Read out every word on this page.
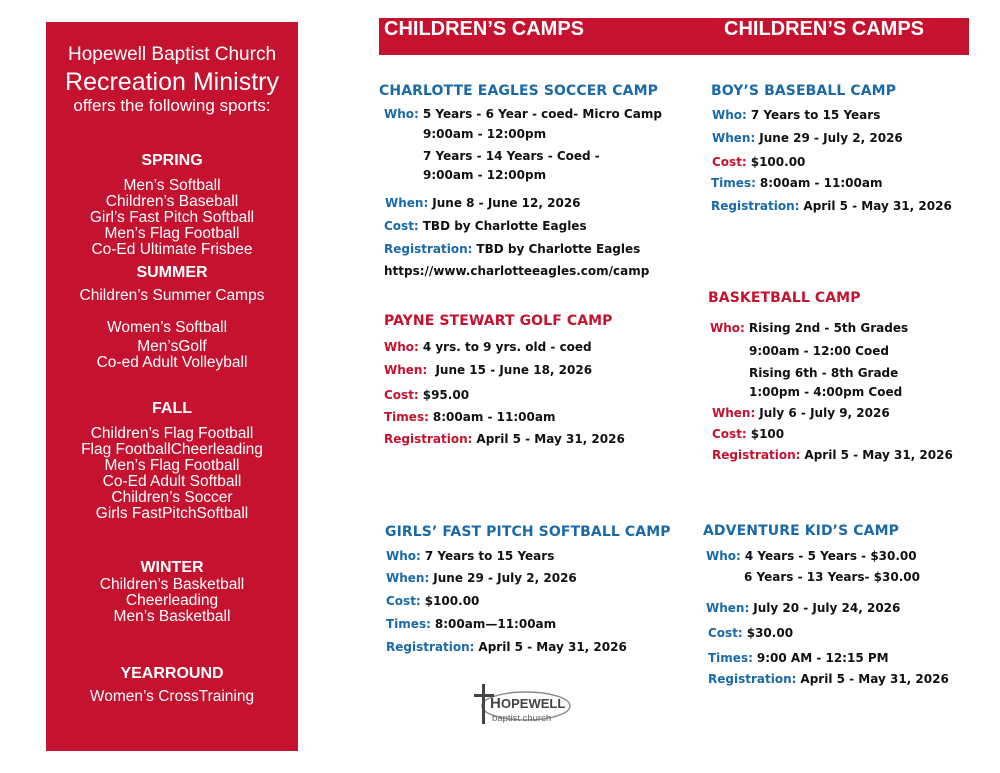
Hopewell Baptist Church
Recreation Ministry
offers the following sports:
SPRING
Men’s Softball
Children’s Baseball
Girl’s Fast Pitch Softball
Men’s Flag Football
Co-Ed Ultimate Frisbee
SUMMER
Children’s Summer Camps
Women’s Softball
Men’sGolf
Co-ed Adult Volleyball
FALL
Children’s Flag Football
Flag FootballCheerleading
Men’s Flag Football
Co-Ed Adult Softball
Children’s Soccer
Girls FastPitchSoftball
WINTER
Children’s Basketball
Cheerleading
Men’s Basketball
YEARROUND
Women’s CrossTraining
CHILDREN’S CAMPS	CHILDREN’S CAMPS
CHARLOTTE EAGLES SOCCER CAMP
Who: 5 Years - 6 Year - coed- Micro Camp
9:00am - 12:00pm
7 Years - 14 Years - Coed -
9:00am - 12:00pm
When: June 8 - June 12, 2026
Cost: TBD by Charlotte Eagles
Registration: TBD by Charlotte Eagles
https://www.charlotteeagles.com/camp
PAYNE STEWART GOLF CAMP
Who: 4 yrs. to 9 yrs. old - coed
When: June 15 - June 18, 2026
Cost: $95.00
Times: 8:00am - 11:00am
Registration: April 5 - May 31, 2026
GIRLS’ FAST PITCH SOFTBALL CAMP
Who: 7 Years to 15 Years
When: June 29 - July 2, 2026
Cost: $100.00
Times: 8:00am—11:00am
Registration: April 5 - May 31, 2026
BOY’S BASEBALL CAMP
Who: 7 Years to 15 Years
When: June 29 - July 2, 2026
Cost: $100.00
Times: 8:00am - 11:00am
Registration: April 5 - May 31, 2026
BASKETBALL CAMP
Who: Rising 2nd - 5th Grades
9:00am - 12:00 Coed
Rising 6th - 8th Grade
1:00pm - 4:00pm Coed
When: July 6 - July 9, 2026
Cost: $100
Registration: April 5 - May 31, 2026
ADVENTURE KID’S CAMP
Who: 4 Years - 5 Years - $30.00
6 Years - 13 Years- $30.00
When: July 20 - July 24, 2026
Cost: $30.00
Times: 9:00 AM - 12:15 PM
Registration: April 5 - May 31, 2026
H OPEWELL
baptist church
